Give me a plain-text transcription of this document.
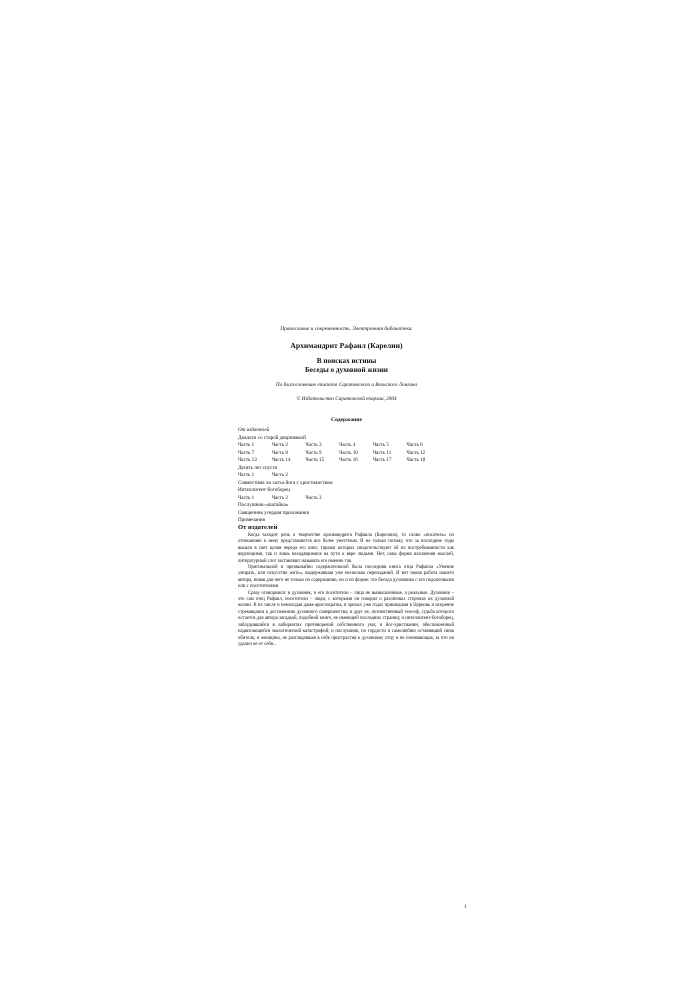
Православие и современность. Электронная библиотека.
Архимандрит Рафаил (Карелин)
В поисках истины
Беседы о духовной жизни
По благословению епископа Саратовского и Вольского Лонгина
© Издательство Саратовской епархии, 2004
Содержание
От издателей
Диалоги со старой дворняжкой
Часть 1	Часть 2	Часть 3	Часть 4	Часть 5	Часть 6
Часть 7	Часть 8	Часть 9	Часть 10	Часть 11	Часть 12
Часть 13	Часть 14	Часть 15	Часть 16	Часть 17	Часть 18
Десять лет спустя
Часть 1	Часть 2
Совместима ли хатха-йога с христианством
Интеллигент-богоборец
Часть 1	Часть 2	Часть 3
Послушник-«шатайка»
Священник усердия прихожанки
Примечания
От издателей

Когда заходит речь о творчестве архимандрита Рафаила (Карелина), то слово «писатель» по отношению к нему представляется все более уместным. И не только потому, что за последние годы вышли в свет целая череда его книг, тиражи которых свидетельствуют об их востребованности как верующими, так и лишь находящимися на пути к вере людьми. Нет, сама форма изложения мыслей, литературный слог заставляют называть его именно так.

Оригинальной и чрезвычайно содержательной была последняя книга отца Рафаила «Умение умирать, или искусство жить», выдержавшая уже несколько переизданий. И вот новая работа нашего автора, новая для него не только по содержанию, но и по форме: это беседа духовника с его подопечными или с посетителями.

Сразу оговоримся: и духовник, и его посетители – лица не вымышленные, а реальные. Духовник – это сам отец Рафаил, посетители – люди, с которыми он говорил о различных сторонах их духовной жизни. В их числе и немолодая дама-аристократка, в зрелых уже годах пришедшая в Церковь и искренне стремящаяся к достижению духовного совершенства; и друг ее, потомственный теософ, судьба которого остается для автора загадкой, подобной книге, не имеющей последних страниц; и интеллигент-богоборец, заблудившийся в лабиринтах противоречий собственного ума; и йог-христианин, обеспокоенный надвигающейся экологической катастрофой; и послушник, по гордости и самолюбию оставивший свою обитель; и женщина, не разглядевшая в себе пристрастия к духовному отцу и не понимающая, за что он удалил ее от себя...

1
